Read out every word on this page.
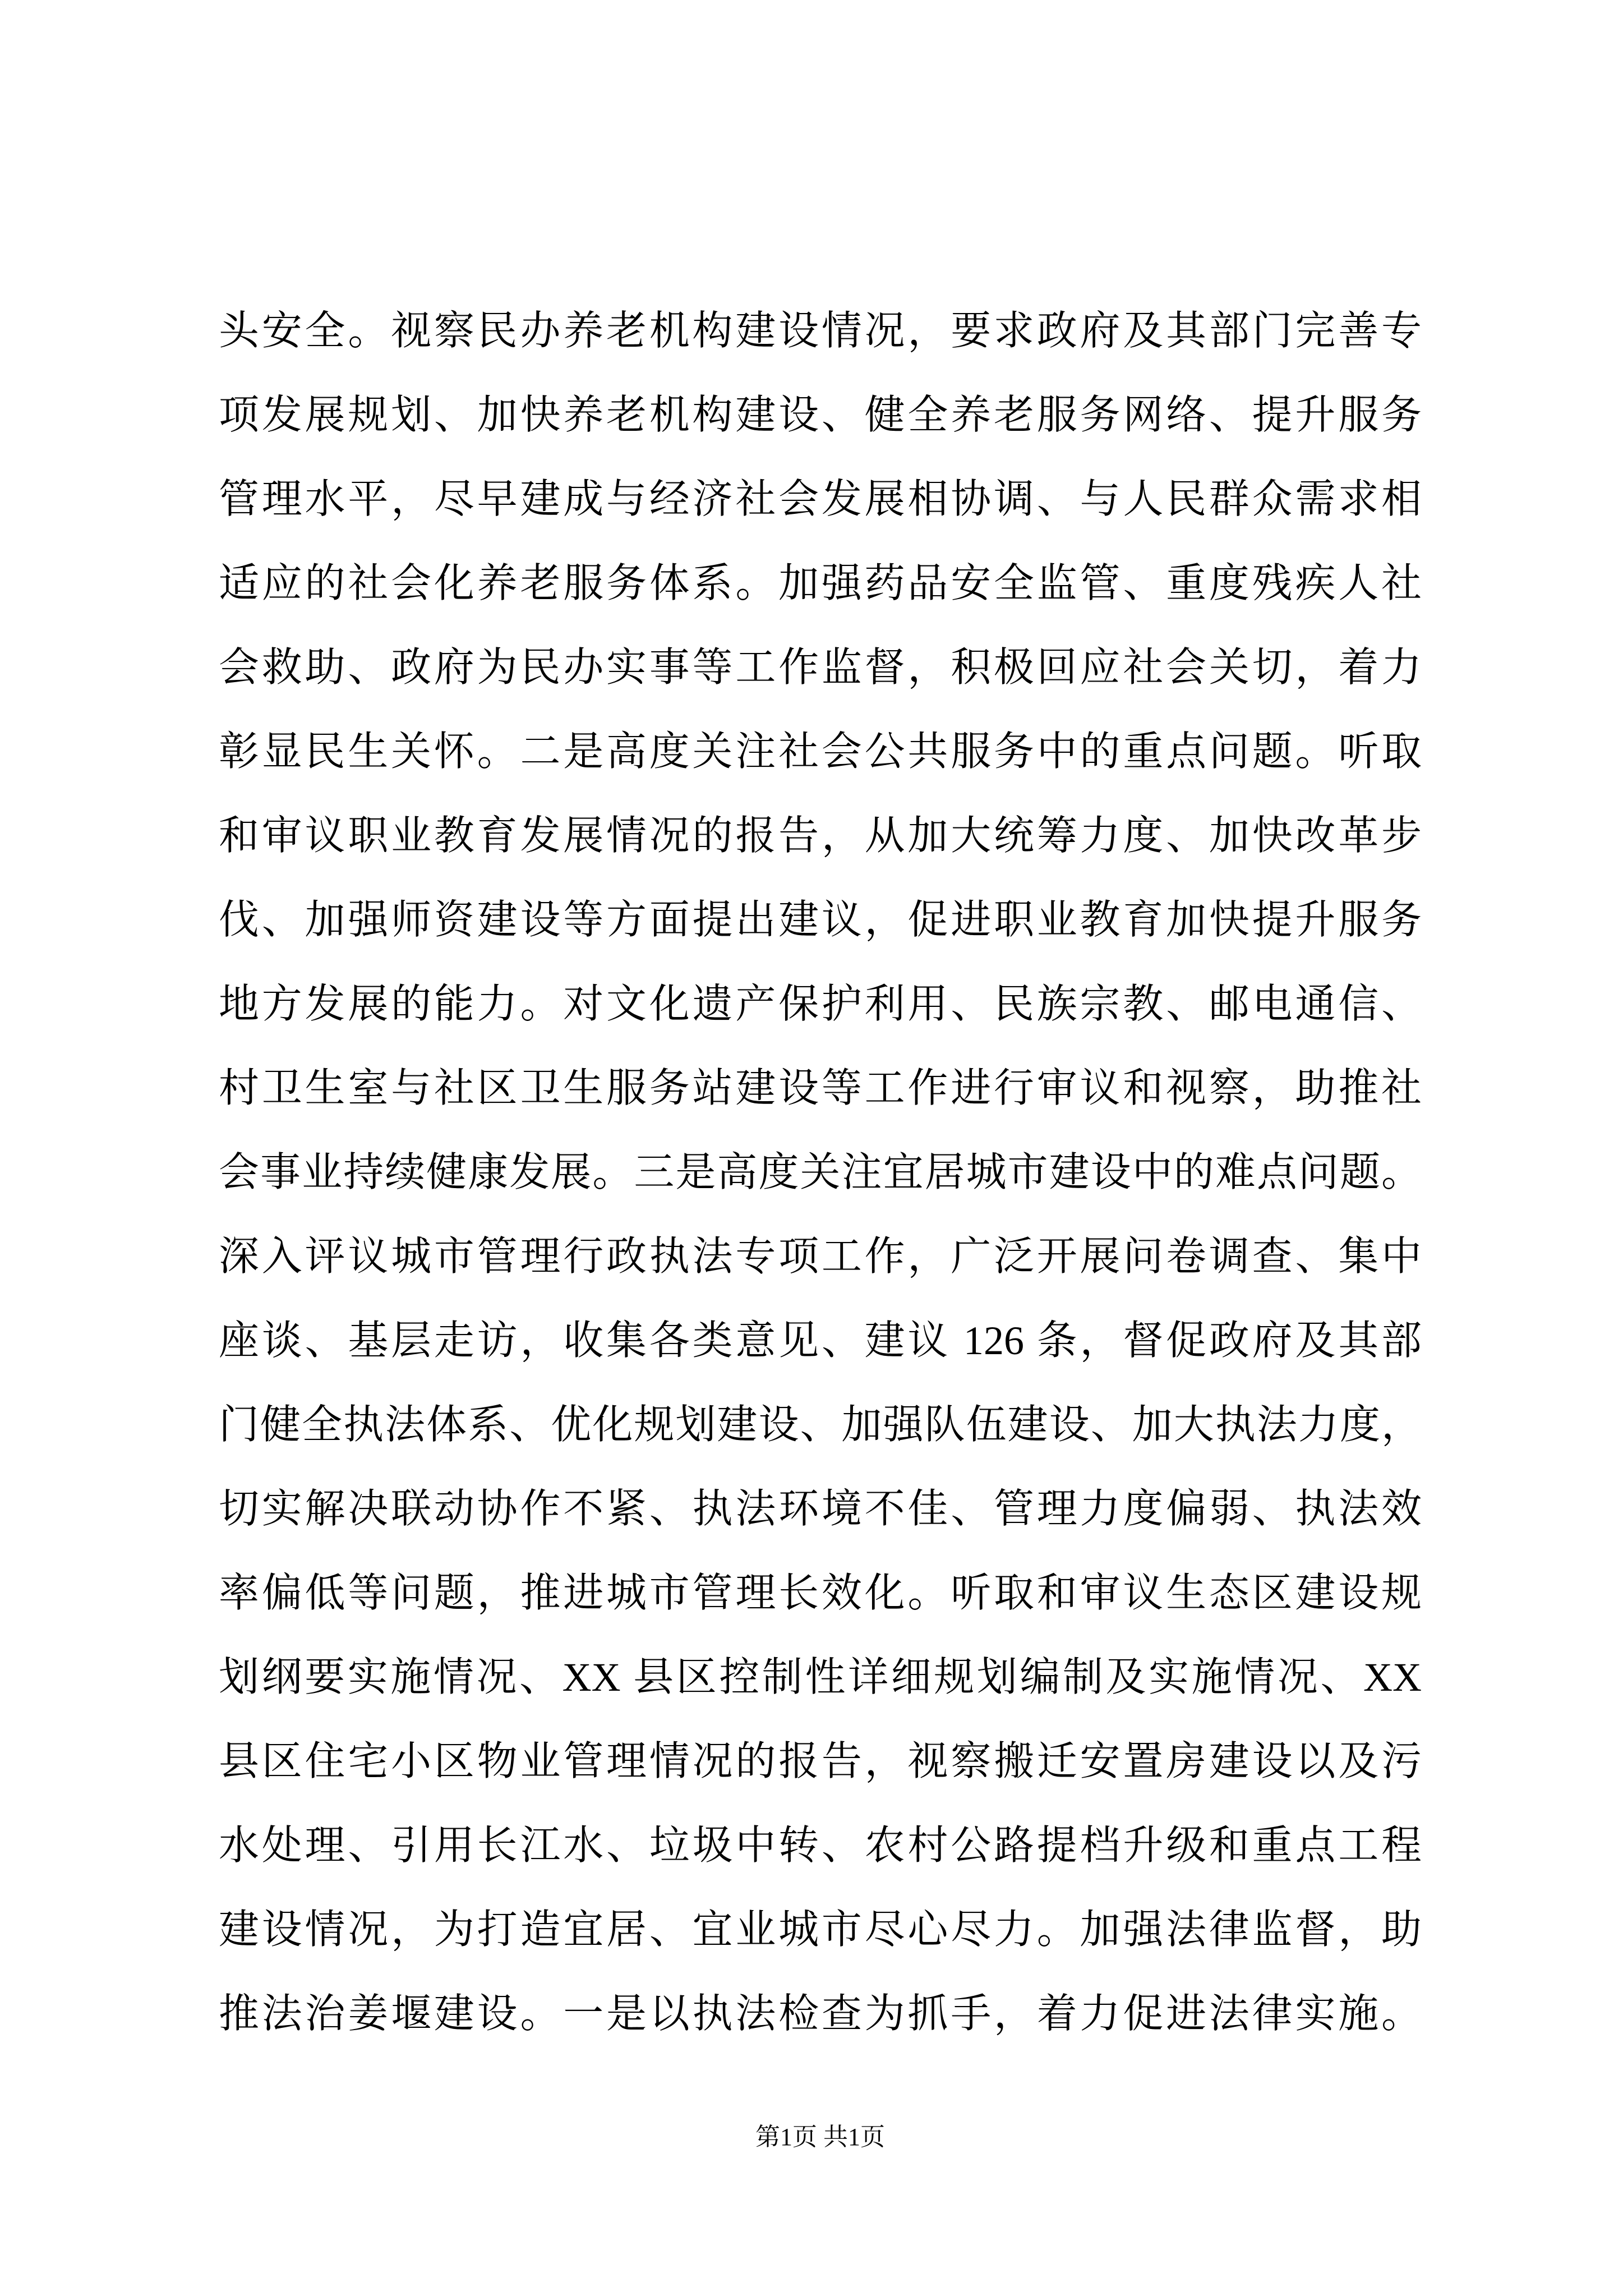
头安全。视察民办养老机构建设情况，要求政府及其部门完善专
项发展规划、加快养老机构建设、健全养老服务网络、提升服务
管理水平，尽早建成与经济社会发展相协调、与人民群众需求相
适应的社会化养老服务体系。加强药品安全监管、重度残疾人社
会救助、政府为民办实事等工作监督，积极回应社会关切，着力
彰显民生关怀。二是高度关注社会公共服务中的重点问题。听取
和审议职业教育发展情况的报告，从加大统筹力度、加快改革步
伐、加强师资建设等方面提出建议，促进职业教育加快提升服务
地方发展的能力。对文化遗产保护利用、民族宗教、邮电通信、
村卫生室与社区卫生服务站建设等工作进行审议和视察，助推社
会事业持续健康发展。三是高度关注宜居城市建设中的难点问题。
深入评议城市管理行政执法专项工作，广泛开展问卷调查、集中
座谈、基层走访，收集各类意见、建议 126 条，督促政府及其部
门健全执法体系、优化规划建设、加强队伍建设、加大执法力度，
切实解决联动协作不紧、执法环境不佳、管理力度偏弱、执法效
率偏低等问题，推进城市管理长效化。听取和审议生态区建设规
划纲要实施情况、XX 县区控制性详细规划编制及实施情况、XX
县区住宅小区物业管理情况的报告，视察搬迁安置房建设以及污
水处理、引用长江水、垃圾中转、农村公路提档升级和重点工程
建设情况，为打造宜居、宜业城市尽心尽力。加强法律监督，助
推法治姜堰建设。一是以执法检查为抓手，着力促进法律实施。
第1页 共1页
